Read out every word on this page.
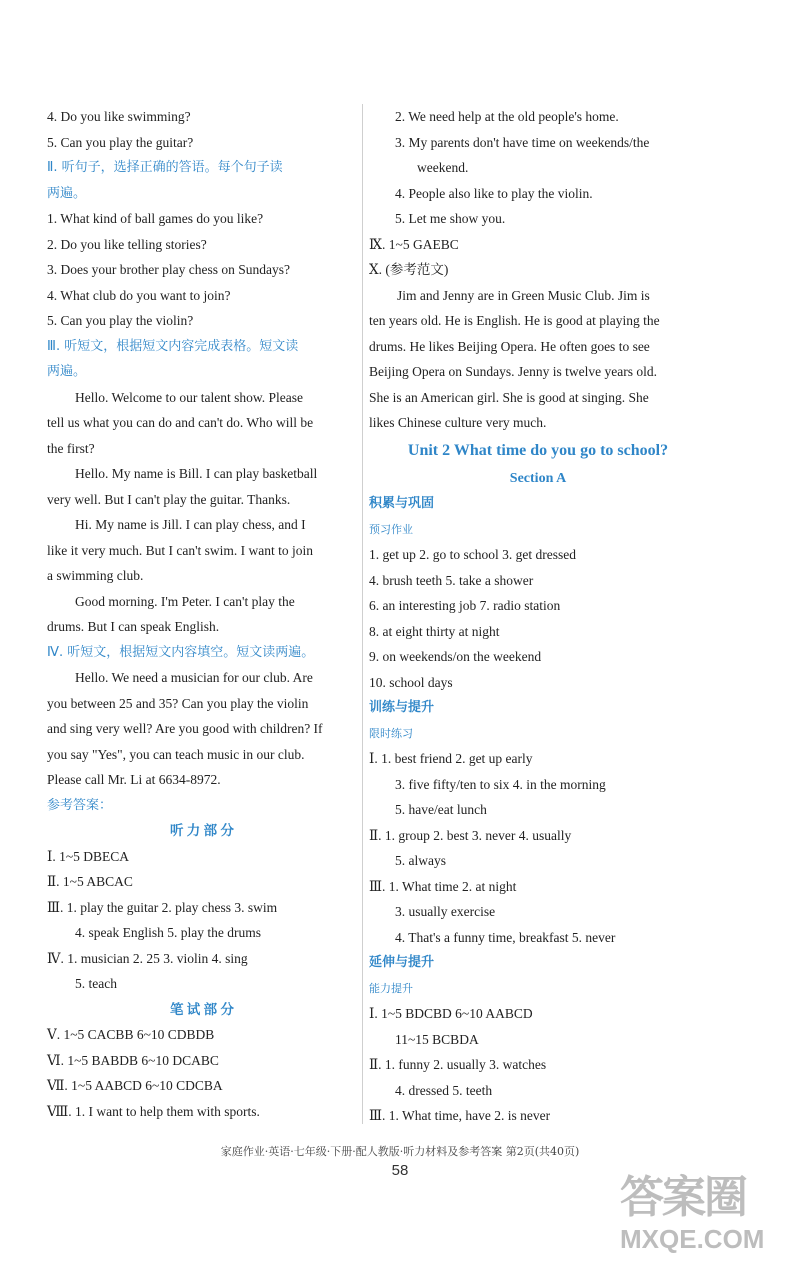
4. Do you like swimming?
5. Can you play the guitar?
Ⅱ. 听句子，选择正确的答语。每个句子读
两遍。
1. What kind of ball games do you like?
2. Do you like telling stories?
3. Does your brother play chess on Sundays?
4. What club do you want to join?
5. Can you play the violin?
Ⅲ. 听短文，根据短文内容完成表格。短文读
两遍。
Hello. Welcome to our talent show. Please
tell us what you can do and can't do. Who will be
the first?
Hello. My name is Bill. I can play basketball
very well. But I can't play the guitar. Thanks.
Hi. My name is Jill. I can play chess, and I
like it very much. But I can't swim. I want to join
a swimming club.
Good morning. I'm Peter. I can't play the
drums. But I can speak English.
Ⅳ. 听短文，根据短文内容填空。短文读两遍。
Hello. We need a musician for our club. Are
you between 25 and 35? Can you play the violin
and sing very well? Are you good with children? If
you say "Yes", you can teach music in our club.
Please call Mr. Li at 6634-8972.
参考答案：
听 力 部 分
Ⅰ. 1~5 DBECA
Ⅱ. 1~5 ABCAC
Ⅲ. 1. play the guitar 2. play chess 3. swim
4. speak English 5. play the drums
Ⅳ. 1. musician 2. 25 3. violin 4. sing
5. teach
笔 试 部 分
Ⅴ. 1~5 CACBB 6~10 CDBDB
Ⅵ. 1~5 BABDB 6~10 DCABC
Ⅶ. 1~5 AABCD 6~10 CDCBA
Ⅷ. 1. I want to help them with sports.
2. We need help at the old people's home.
3. My parents don't have time on weekends/the
weekend.
4. People also like to play the violin.
5. Let me show you.
Ⅸ. 1~5 GAEBC
Ⅹ. (参考范文)
Jim and Jenny are in Green Music Club. Jim is
ten years old. He is English. He is good at playing the
drums. He likes Beijing Opera. He often goes to see
Beijing Opera on Sundays. Jenny is twelve years old.
She is an American girl. She is good at singing. She
likes Chinese culture very much.
Unit 2 What time do you go to school?
Section A
积累与巩固
预习作业
1. get up 2. go to school 3. get dressed
4. brush teeth 5. take a shower
6. an interesting job 7. radio station
8. at eight thirty at night
9. on weekends/on the weekend
10. school days
训练与提升
限时练习
Ⅰ. 1. best friend 2. get up early
3. five fifty/ten to six 4. in the morning
5. have/eat lunch
Ⅱ. 1. group 2. best 3. never 4. usually
5. always
Ⅲ. 1. What time 2. at night
3. usually exercise
4. That's a funny time, breakfast 5. never
延伸与提升
能力提升
Ⅰ. 1~5 BDCBD 6~10 AABCD
11~15 BCBDA
Ⅱ. 1. funny 2. usually 3. watches
4. dressed 5. teeth
Ⅲ. 1. What time, have 2. is never
家庭作业·英语·七年级·下册·配人教版·听力材料及参考答案 第2页(共40页)
58
答案圈
MXQE.COM
